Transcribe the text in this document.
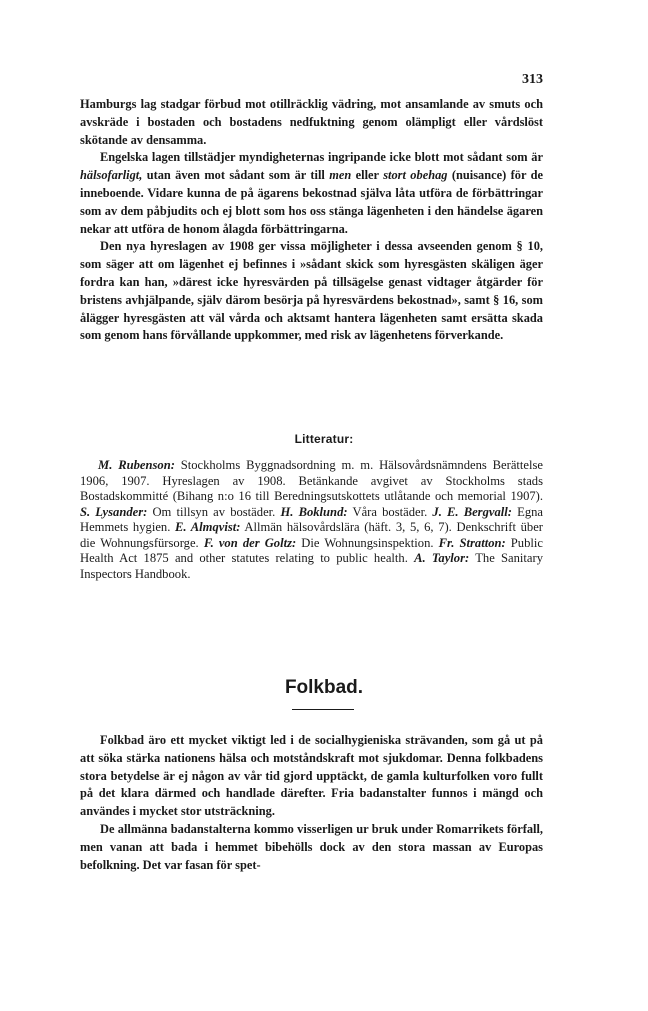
313

Hamburgs lag stadgar förbud mot otillräcklig vädring, mot ansamlande av smuts och avskräde i bostaden och bostadens nedfuktning genom olämpligt eller vårdslöst skötande av densamma.

Engelska lagen tillstädjer myndigheternas ingripande icke blott mot sådant som är hälsofarligt, utan även mot sådant som är till men eller stort obehag (nuisance) för de inneboende. Vidare kunna de på ägarens bekostnad själva låta utföra de förbättringar som av dem påbjudits och ej blott som hos oss stänga lägenheten i den händelse ägaren nekar att utföra de honom ålagda förbättringarna.

Den nya hyreslagen av 1908 ger vissa möjligheter i dessa avseenden genom § 10, som säger att om lägenhet ej befinnes i »sådant skick som hyresgästen skäligen äger fordra kan han, »därest icke hyresvärden på tillsägelse genast vidtager åtgärder för bristens avhjälpande, själv därom besörja på hyresvärdens bekostnad», samt § 16, som ålägger hyresgästen att väl vårda och aktsamt hantera lägenheten samt ersätta skada som genom hans förvållande uppkommer, med risk av lägenhetens förverkande.

Litteratur:

M. Rubenson: Stockholms Byggnadsordning m. m. Hälsovårdsnämndens Berättelse 1906, 1907. Hyreslagen av 1908. Betänkande avgivet av Stockholms stads Bostadskommitté (Bihang n:o 16 till Beredningsutskottets utlåtande och memorial 1907). S. Lysander: Om tillsyn av bostäder. H. Boklund: Våra bostäder. J. E. Bergvall: Egna Hemmets hygien. E. Almqvist: Allmän hälsovårdslära (häft. 3, 5, 6, 7). Denkschrift über die Wohnungsfürsorge. F. von der Goltz: Die Wohnungsinspektion. Fr. Stratton: Public Health Act 1875 and other statutes relating to public health. A. Taylor: The Sanitary Inspectors Handbook.

Folkbad.

Folkbad äro ett mycket viktigt led i de socialhygieniska strävanden, som gå ut på att söka stärka nationens hälsa och motståndskraft mot sjukdomar. Denna folkbadens stora betydelse är ej någon av vår tid gjord upptäckt, de gamla kulturfolken voro fullt på det klara därmed och handlade därefter. Fria badanstalter funnos i mängd och användes i mycket stor utsträckning.

De allmänna badanstalterna kommo visserligen ur bruk under Romarrikets förfall, men vanan att bada i hemmet bibehölls dock av den stora massan av Europas befolkning. Det var fasan för spet-
